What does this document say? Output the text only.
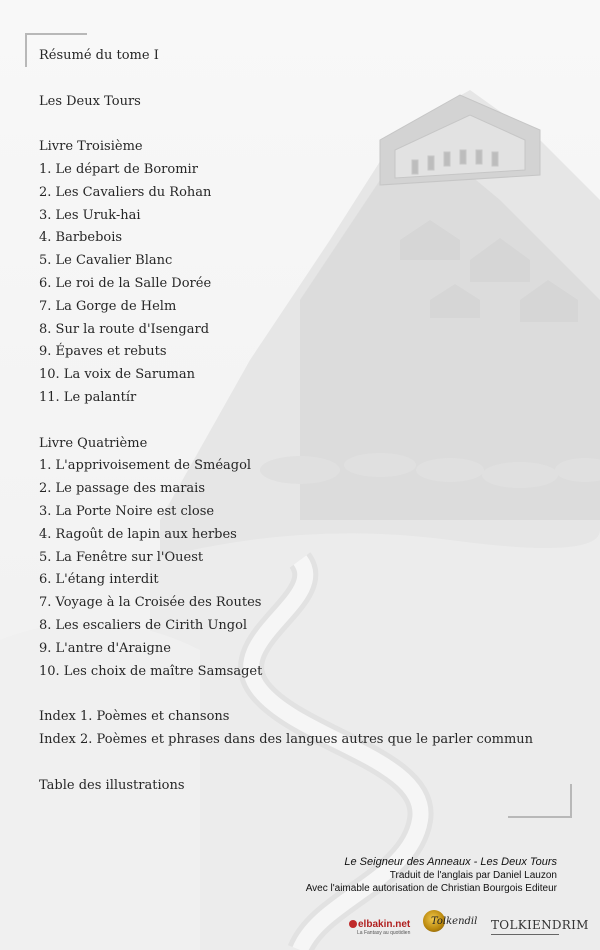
Résumé du tome I
Les Deux Tours
Livre Troisième
1. Le départ de Boromir
2. Les Cavaliers du Rohan
3. Les Uruk-hai
4. Barbebois
5. Le Cavalier Blanc
6. Le roi de la Salle Dorée
7. La Gorge de Helm
8. Sur la route d'Isengard
9. Épaves et rebuts
10. La voix de Saruman
11. Le palantír
Livre Quatrième
1. L'apprivoisement de Sméagol
2. Le passage des marais
3. La Porte Noire est close
4. Ragoût de lapin aux herbes
5. La Fenêtre sur l'Ouest
6. L'étang interdit
7. Voyage à la Croisée des Routes
8. Les escaliers de Cirith Ungol
9. L'antre d'Araigne
10. Les choix de maître Samsaget
Index 1. Poèmes et chansons
Index 2. Poèmes et phrases dans des langues autres que le parler commun
Table des illustrations
Le Seigneur des Anneaux - Les Deux Tours
Traduit de l'anglais par Daniel Lauzon
Avec l'aimable autorisation de Christian Bourgois Editeur
elbakin.net
La Fantasy au quotidien
Tolkendil TOLKIENDRIM
